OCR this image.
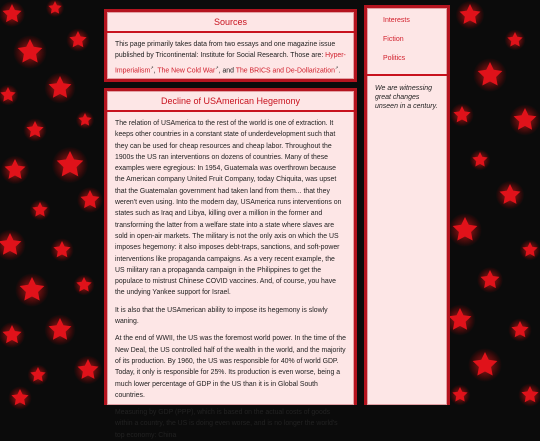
Sources

This page primarily takes data from two essays and one magazine issue published by Tricontinental: Institute for Social Research. Those are: Hyper-Imperialism↗, The New Cold War↗, and The BRICS and De-Dollarization↗.

Decline of USAmerican Hegemony

The relation of USAmerica to the rest of the world is one of extraction. It keeps other countries in a constant state of underdevelopment such that they can be used for cheap resources and cheap labor. Throughout the 1900s the US ran interventions on dozens of countries. Many of these examples were egregious: In 1954, Guatemala was overthrown because the American company United Fruit Company, today Chiquita, was upset that the Guatemalan government had taken land from them... that they weren't even using. Into the modern day, USAmerica runs interventions on states such as Iraq and Libya, killing over a million in the former and transforming the latter from a welfare state into a state where slaves are sold in open-air markets. The military is not the only axis on which the US imposes hegemony: it also imposes debt-traps, sanctions, and soft-power interventions like propaganda campaigns. As a very recent example, the US military ran a propaganda campaign in the Philippines to get the populace to mistrust Chinese COVID vaccines. And, of course, you have the undying Yankee support for Israel.

It is also that the USAmerican ability to impose its hegemony is slowly waning.

At the end of WWII, the US was the foremost world power. In the time of the New Deal, the US controlled half of the wealth in the world, and the majority of its production. By 1960, the US was responsible for 40% of world GDP. Today, it only is responsible for 25%. Its production is even worse, being a much lower percentage of GDP in the US than it is in Global South countries.

Measuring by GDP (PPP), which is based on the actual costs of goods within a country, the US is doing even worse, and is no longer the world's top economy: China

Interests
Fiction
Politics
We are witnessing great changes unseen in a century.
